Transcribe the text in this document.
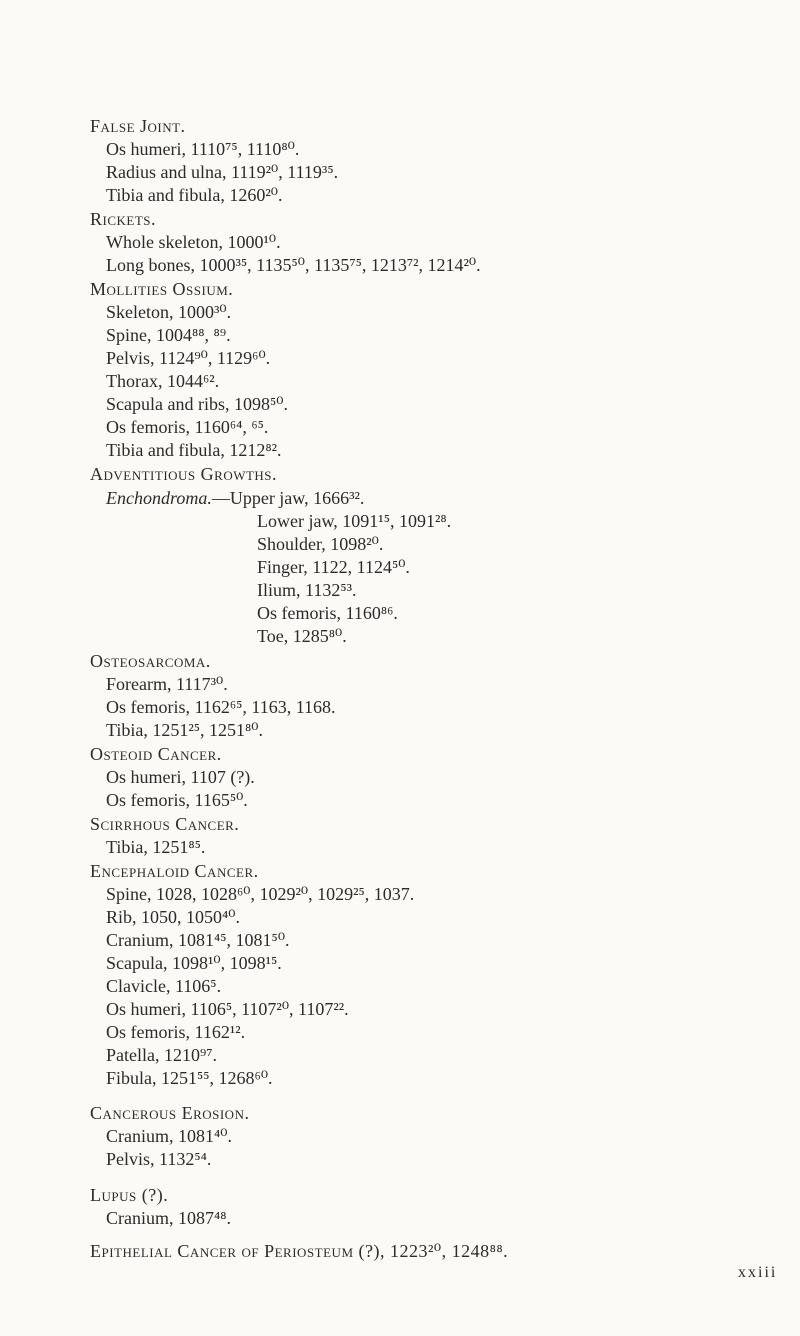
False Joint.
Os humeri, 1110⁷⁵, 1110⁸⁰.
Radius and ulna, 1119²⁰, 1119³⁵.
Tibia and fibula, 1260²⁰.
Rickets.
Whole skeleton, 1000¹⁰.
Long bones, 1000³⁵, 1135⁵⁰, 1135⁷⁵, 1213⁷², 1214²⁰.
Mollities Ossium.
Skeleton, 1000³⁰.
Spine, 1004⁸⁸, ⁸⁹.
Pelvis, 1124⁹⁰, 1129⁶⁰.
Thorax, 1044⁶².
Scapula and ribs, 1098⁵⁰.
Os femoris, 1160⁶⁴, ⁶⁵.
Tibia and fibula, 1212⁸².
Adventitious Growths.
Enchondroma.—Upper jaw, 1666³².
Lower jaw, 1091¹⁵, 1091²⁸.
Shoulder, 1098²⁰.
Finger, 1122, 1124⁵⁰.
Ilium, 1132⁵³.
Os femoris, 1160⁸⁶.
Toe, 1285⁸⁰.
Osteosarcoma.
Forearm, 1117³⁰.
Os femoris, 1162⁶⁵, 1163, 1168.
Tibia, 1251²⁵, 1251⁸⁰.
Osteoid Cancer.
Os humeri, 1107 (?).
Os femoris, 1165⁵⁰.
Scirrhous Cancer.
Tibia, 1251⁸⁵.
Encephaloid Cancer.
Spine, 1028, 1028⁶⁰, 1029²⁰, 1029²⁵, 1037.
Rib, 1050, 1050⁴⁰.
Cranium, 1081⁴⁵, 1081⁵⁰.
Scapula, 1098¹⁰, 1098¹⁵.
Clavicle, 1106⁵.
Os humeri, 1106⁵, 1107²⁰, 1107²².
Os femoris, 1162¹².
Patella, 1210⁹⁷.
Fibula, 1251⁵⁵, 1268⁶⁰.
Cancerous Erosion.
Cranium, 1081⁴⁰.
Pelvis, 1132⁵⁴.
Lupus (?).
Cranium, 1087⁴⁸.
Epithelial Cancer of Periosteum (?), 1223²⁰, 1248⁸⁸.
xxiii
